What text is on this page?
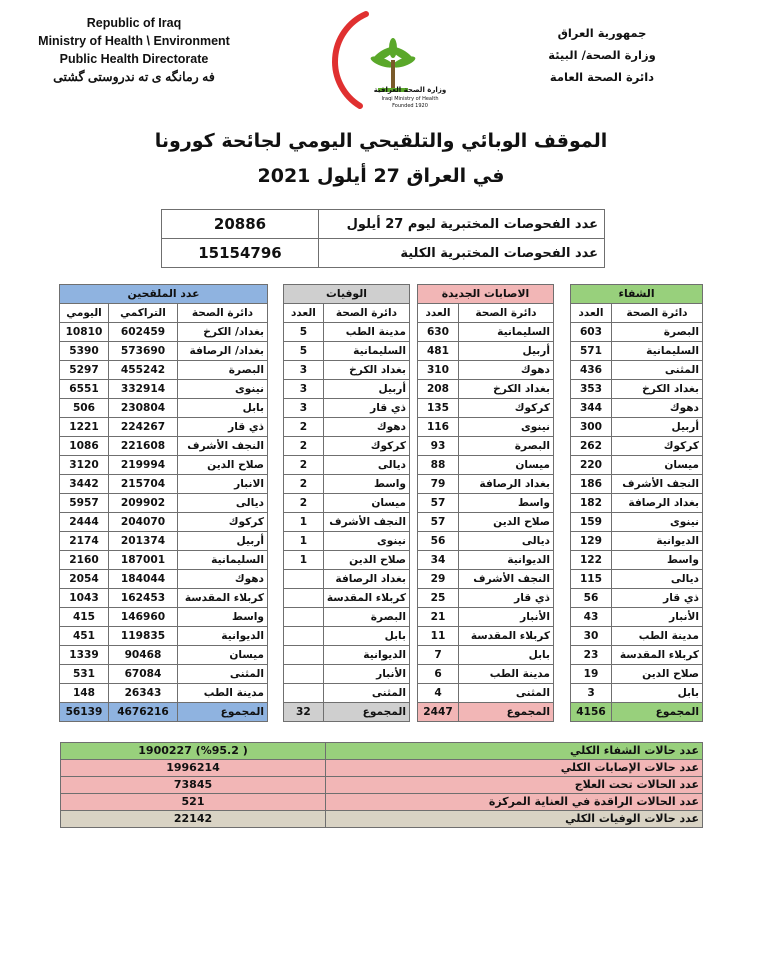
Republic of Iraq
Ministry of Health \ Environment
Public Health Directorate
فه رمانگه ى ته ندروستى گشتى
وزارة الصحة العراقية
Iraqi Ministry of Health
Founded 1920
جمهورية العراق
وزارة الصحة/ البيئة
دائرة الصحة العامة
الموقف الوبائي والتلقيحي اليومي لجائحة كورونا
في العراق 27 أيلول 2021
20886	عدد الفحوصات المختبرية ليوم 27 أيلول
15154796	عدد الفحوصات المختبرية الكلية
عدد الملقحين		
اليومي	التراكمي	دائرة الصحة
10810	602459	بغداد/ الكرخ
5390	573690	بغداد/ الرصافة
5297	455242	البصرة
6551	332914	نينوى
506	230804	بابل
1221	224267	ذي قار
1086	221608	النجف الأشرف
3120	219994	صلاح الدين
3442	215704	الانبار
5957	209902	ديالى
2444	204070	كركوك
2174	201374	أربيل
2160	187001	السليمانية
2054	184044	دهوك
1043	162453	كربلاء المقدسة
415	146960	واسط
451	119835	الديوانية
1339	90468	ميسان
531	67084	المثنى
148	26343	مدينة الطب
56139	4676216	المجموع
الوفيات	
العدد	دائرة الصحة
5	مدينة الطب
5	السليمانية
3	بغداد الكرخ
3	أربيل
3	ذي قار
2	دهوك
2	كركوك
2	ديالى
2	واسط
2	ميسان
1	النجف الأشرف
1	نينوى
1	صلاح الدين
	بغداد الرصافة
	كربلاء المقدسة
	البصرة
	بابل
	الديوانية
	الأنبار
	المثنى
32	المجموع
الاصابات الجديدة	
العدد	دائرة الصحة
630	السليمانية
481	أربيل
310	دهوك
208	بغداد الكرخ
135	كركوك
116	نينوى
93	البصرة
88	ميسان
79	بغداد الرصافة
57	واسط
57	صلاح الدين
56	ديالى
34	الديوانية
29	النجف الأشرف
25	ذي قار
21	الأنبار
11	كربلاء المقدسة
7	بابل
6	مدينة الطب
4	المثنى
2447	المجموع
الشفاء	
العدد	دائرة الصحة
603	البصرة
571	السليمانية
436	المثنى
353	بغداد الكرخ
344	دهوك
300	أربيل
262	كركوك
220	ميسان
186	النجف الأشرف
182	بغداد الرصافة
159	نينوى
129	الديوانية
122	واسط
115	ديالى
56	ذي قار
43	الأنبار
30	مدينة الطب
23	كربلاء المقدسة
19	صلاح الدين
3	بابل
4156	المجموع
1900227 (%95.2 )	عدد حالات الشفاء الكلي
1996214	عدد حالات الإصابات الكلي
73845	عدد الحالات تحت العلاج
521	عدد الحالات الراقدة في العناية المركزة
22142	عدد حالات الوفيات الكلي
